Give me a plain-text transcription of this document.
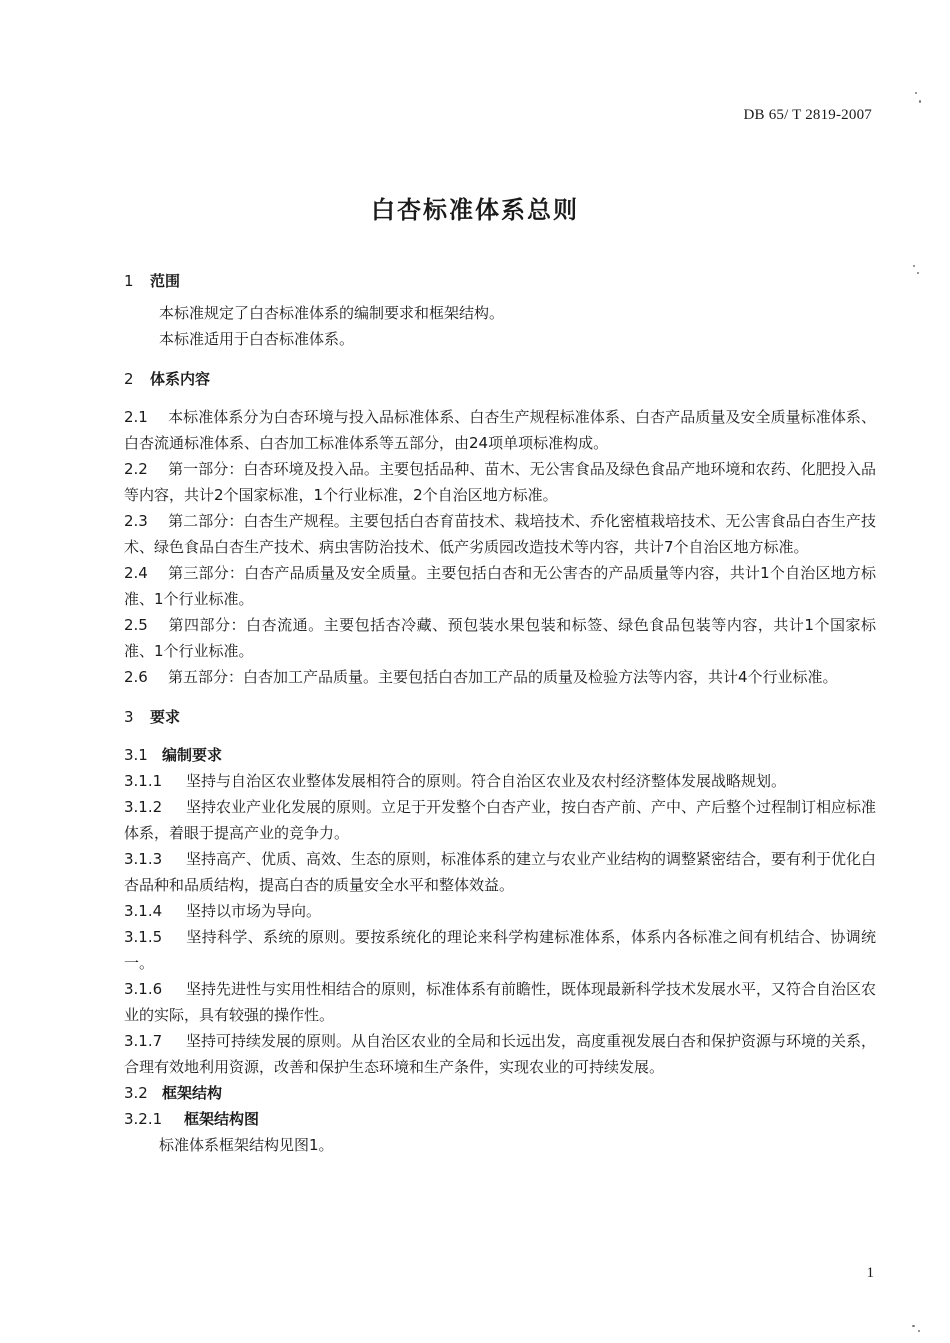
DB 65/ T 2819-2007
白杏标准体系总则

1 范围

本标准规定了白杏标准体系的编制要求和框架结构。

本标准适用于白杏标准体系。

2 体系内容

2.1 本标准体系分为白杏环境与投入品标准体系、白杏生产规程标准体系、白杏产品质量及安全质量标准体系、白杏流通标准体系、白杏加工标准体系等五部分，由24项单项标准构成。

2.2 第一部分：白杏环境及投入品。主要包括品种、苗木、无公害食品及绿色食品产地环境和农药、化肥投入品等内容，共计2个国家标准，1个行业标准，2个自治区地方标准。

2.3 第二部分：白杏生产规程。主要包括白杏育苗技术、栽培技术、乔化密植栽培技术、无公害食品白杏生产技术、绿色食品白杏生产技术、病虫害防治技术、低产劣质园改造技术等内容，共计7个自治区地方标准。

2.4 第三部分：白杏产品质量及安全质量。主要包括白杏和无公害杏的产品质量等内容，共计1个自治区地方标准、1个行业标准。

2.5 第四部分：白杏流通。主要包括杏冷藏、预包装水果包装和标签、绿色食品包装等内容，共计1个国家标准、1个行业标准。

2.6 第五部分：白杏加工产品质量。主要包括白杏加工产品的质量及检验方法等内容，共计4个行业标准。

3 要求

3.1 编制要求

3.1.1 坚持与自治区农业整体发展相符合的原则。符合自治区农业及农村经济整体发展战略规划。

3.1.2 坚持农业产业化发展的原则。立足于开发整个白杏产业，按白杏产前、产中、产后整个过程制订相应标准体系，着眼于提高产业的竞争力。

3.1.3 坚持高产、优质、高效、生态的原则，标准体系的建立与农业产业结构的调整紧密结合，要有利于优化白杏品种和品质结构，提高白杏的质量安全水平和整体效益。

3.1.4 坚持以市场为导向。

3.1.5 坚持科学、系统的原则。要按系统化的理论来科学构建标准体系，体系内各标准之间有机结合、协调统一。

3.1.6 坚持先进性与实用性相结合的原则，标准体系有前瞻性，既体现最新科学技术发展水平，又符合自治区农业的实际，具有较强的操作性。

3.1.7 坚持可持续发展的原则。从自治区农业的全局和长远出发，高度重视发展白杏和保护资源与环境的关系，合理有效地利用资源，改善和保护生态环境和生产条件，实现农业的可持续发展。

3.2 框架结构

3.2.1 框架结构图

标准体系框架结构见图1。

1
